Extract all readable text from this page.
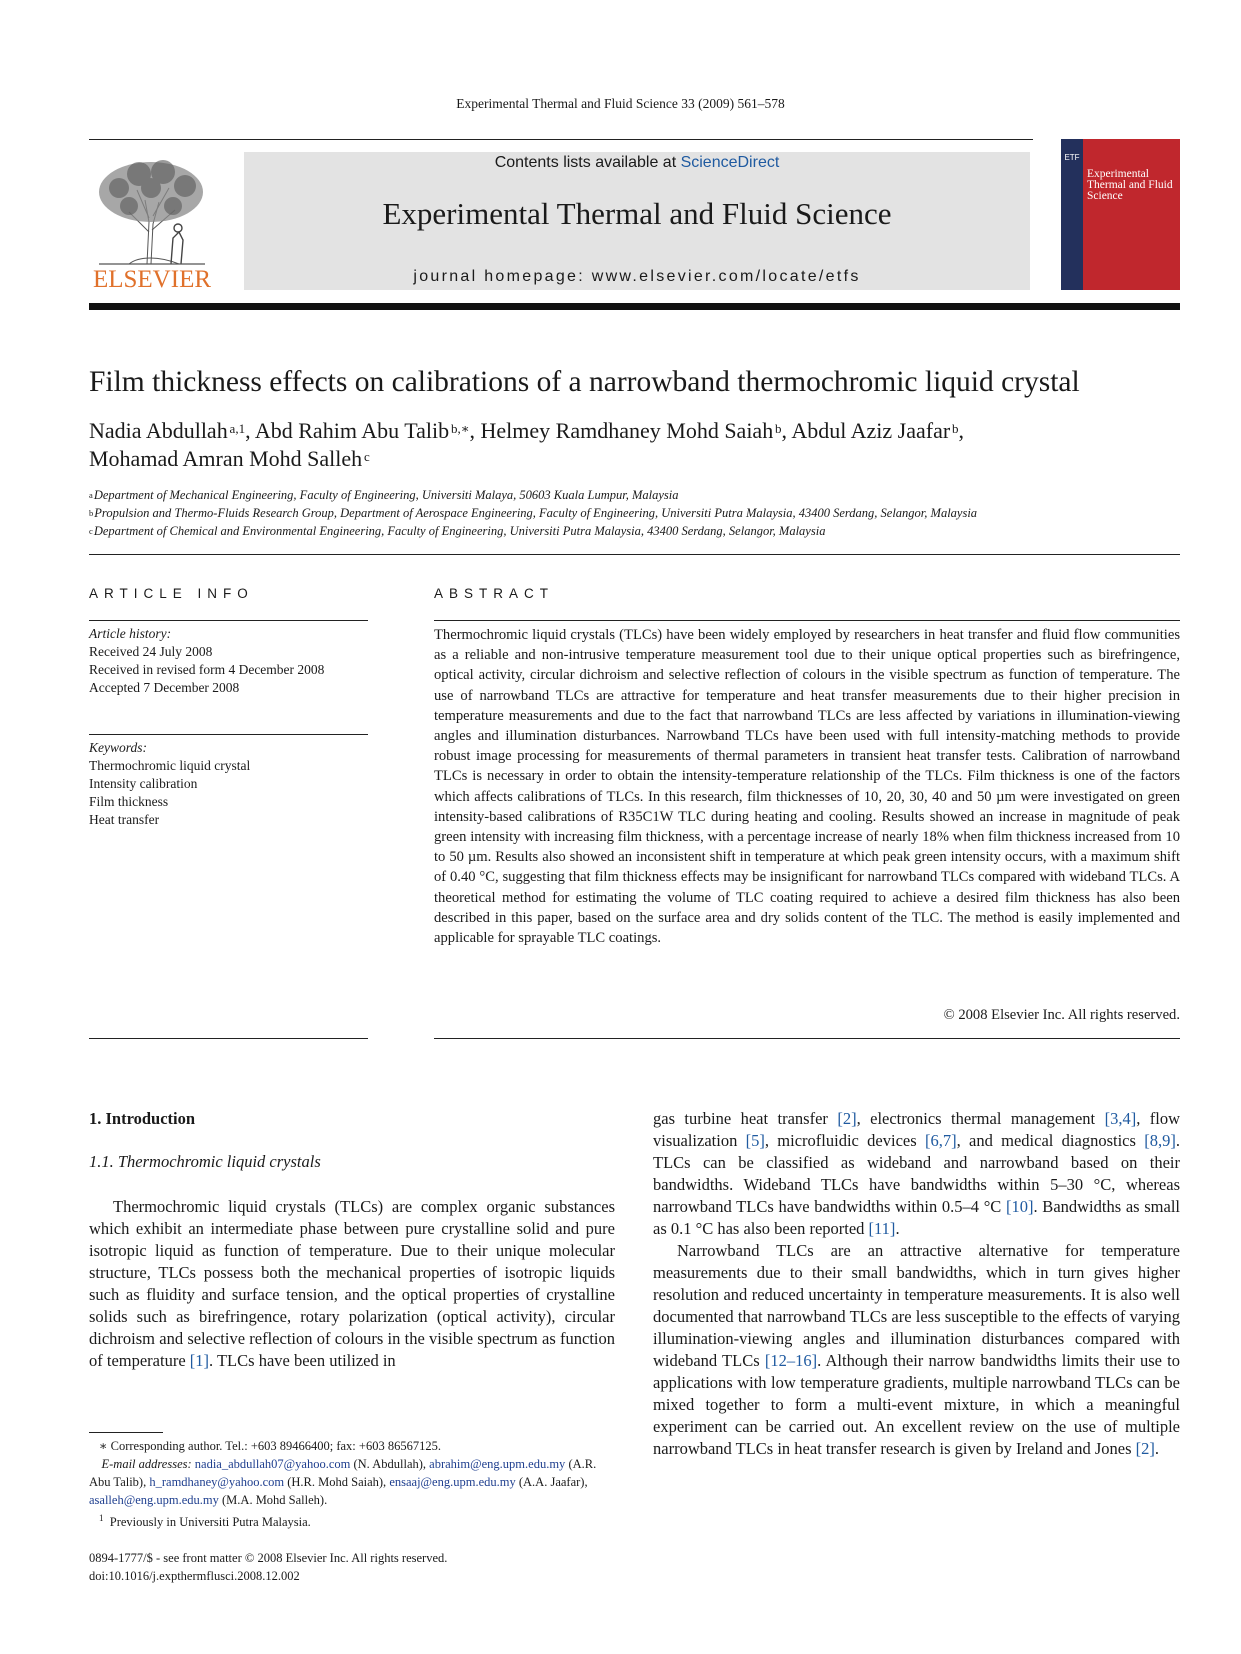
Experimental Thermal and Fluid Science 33 (2009) 561–578
ELSEVIER
Contents lists available at ScienceDirect
Experimental Thermal and Fluid Science
journal homepage: www.elsevier.com/locate/etfs
ETF
Experimental Thermal and Fluid Science
Film thickness effects on calibrations of a narrowband thermochromic liquid crystal
Nadia Abdullah  $^{a,1}$, Abd Rahim Abu Talib  $^{b,∗}$, Helmey Ramdhaney Mohd Saiah  $^b$, Abdul Aziz Jaafar  $^b$,
Mohamad Amran Mohd Salleh  $^c$
$^a$ Department of Mechanical Engineering, Faculty of Engineering, Universiti Malaya, 50603 Kuala Lumpur, Malaysia
$^b$ Propulsion and Thermo-Fluids Research Group, Department of Aerospace Engineering, Faculty of Engineering, Universiti Putra Malaysia, 43400 Serdang, Selangor, Malaysia
$^c$ Department of Chemical and Environmental Engineering, Faculty of Engineering, Universiti Putra Malaysia, 43400 Serdang, Selangor, Malaysia
ARTICLE INFO	ABSTRACT
Article history:
Received 24 July 2008
Received in revised form 4 December 2008
Accepted 7 December 2008
Keywords:
Thermochromic liquid crystal
Intensity calibration
Film thickness
Heat transfer
Thermochromic liquid crystals (TLCs) have been widely employed by researchers in heat transfer and fluid flow communities as a reliable and non-intrusive temperature measurement tool due to their unique optical properties such as birefringence, optical activity, circular dichroism and selective reflection of colours in the visible spectrum as function of temperature. The use of narrowband TLCs are attractive for temperature and heat transfer measurements due to their higher precision in temperature measurements and due to the fact that narrowband TLCs are less affected by variations in illumination-viewing angles and illumination disturbances. Narrowband TLCs have been used with full intensity-matching methods to provide robust image processing for measurements of thermal parameters in transient heat transfer tests. Calibration of narrowband TLCs is necessary in order to obtain the intensity-temperature relationship of the TLCs. Film thickness is one of the factors which affects calibrations of TLCs. In this research, film thicknesses of 10, 20, 30, 40 and 50 µm were investigated on green intensity-based calibrations of R35C1W TLC during heating and cooling. Results showed an increase in magnitude of peak green intensity with increasing film thickness, with a percentage increase of nearly 18% when film thickness increased from 10 to 50 µm. Results also showed an inconsistent shift in temperature at which peak green intensity occurs, with a maximum shift of 0.40 °C, suggesting that film thickness effects may be insignificant for narrowband TLCs compared with wideband TLCs. A theoretical method for estimating the volume of TLC coating required to achieve a desired film thickness has also been described in this paper, based on the surface area and dry solids content of the TLC. The method is easily implemented and applicable for sprayable TLC coatings.
© 2008 Elsevier Inc. All rights reserved.
1. Introduction
1.1. Thermochromic liquid crystals

Thermochromic liquid crystals (TLCs) are complex organic substances which exhibit an intermediate phase between pure crystalline solid and pure isotropic liquid as function of temperature. Due to their unique molecular structure, TLCs possess both the mechanical properties of isotropic liquids such as fluidity and surface tension, and the optical properties of crystalline solids such as birefringence, rotary polarization (optical activity), circular dichroism and selective reflection of colours in the visible spectrum as function of temperature [1]. TLCs have been utilized in

gas turbine heat transfer [2], electronics thermal management [3,4], flow visualization [5], microfluidic devices [6,7], and medical diagnostics [8,9]. TLCs can be classified as wideband and narrowband based on their bandwidths. Wideband TLCs have bandwidths within 5–30 °C, whereas narrowband TLCs have bandwidths within 0.5–4 °C [10]. Bandwidths as small as 0.1 °C has also been reported [11].

Narrowband TLCs are an attractive alternative for temperature measurements due to their small bandwidths, which in turn gives higher resolution and reduced uncertainty in temperature measurements. It is also well documented that narrowband TLCs are less susceptible to the effects of varying illumination-viewing angles and illumination disturbances compared with wideband TLCs [12–16]. Although their narrow bandwidths limits their use to applications with low temperature gradients, multiple narrowband TLCs can be mixed together to form a multi-event mixture, in which a meaningful experiment can be carried out. An excellent review on the use of multiple narrowband TLCs in heat transfer research is given by Ireland and Jones [2].

∗ Corresponding author. Tel.: +603 89466400; fax: +603 86567125.
E-mail addresses: nadia_abdullah07@yahoo.com (N. Abdullah), abrahim@eng.upm.edu.my (A.R. Abu Talib), h_ramdhaney@yahoo.com (H.R. Mohd Saiah), ensaaj@eng.upm.edu.my (A.A. Jaafar), asalleh@eng.upm.edu.my (M.A. Mohd Salleh).
$^1$ Previously in Universiti Putra Malaysia.
0894-1777/$ - see front matter © 2008 Elsevier Inc. All rights reserved.
doi:10.1016/j.expthermflusci.2008.12.002
